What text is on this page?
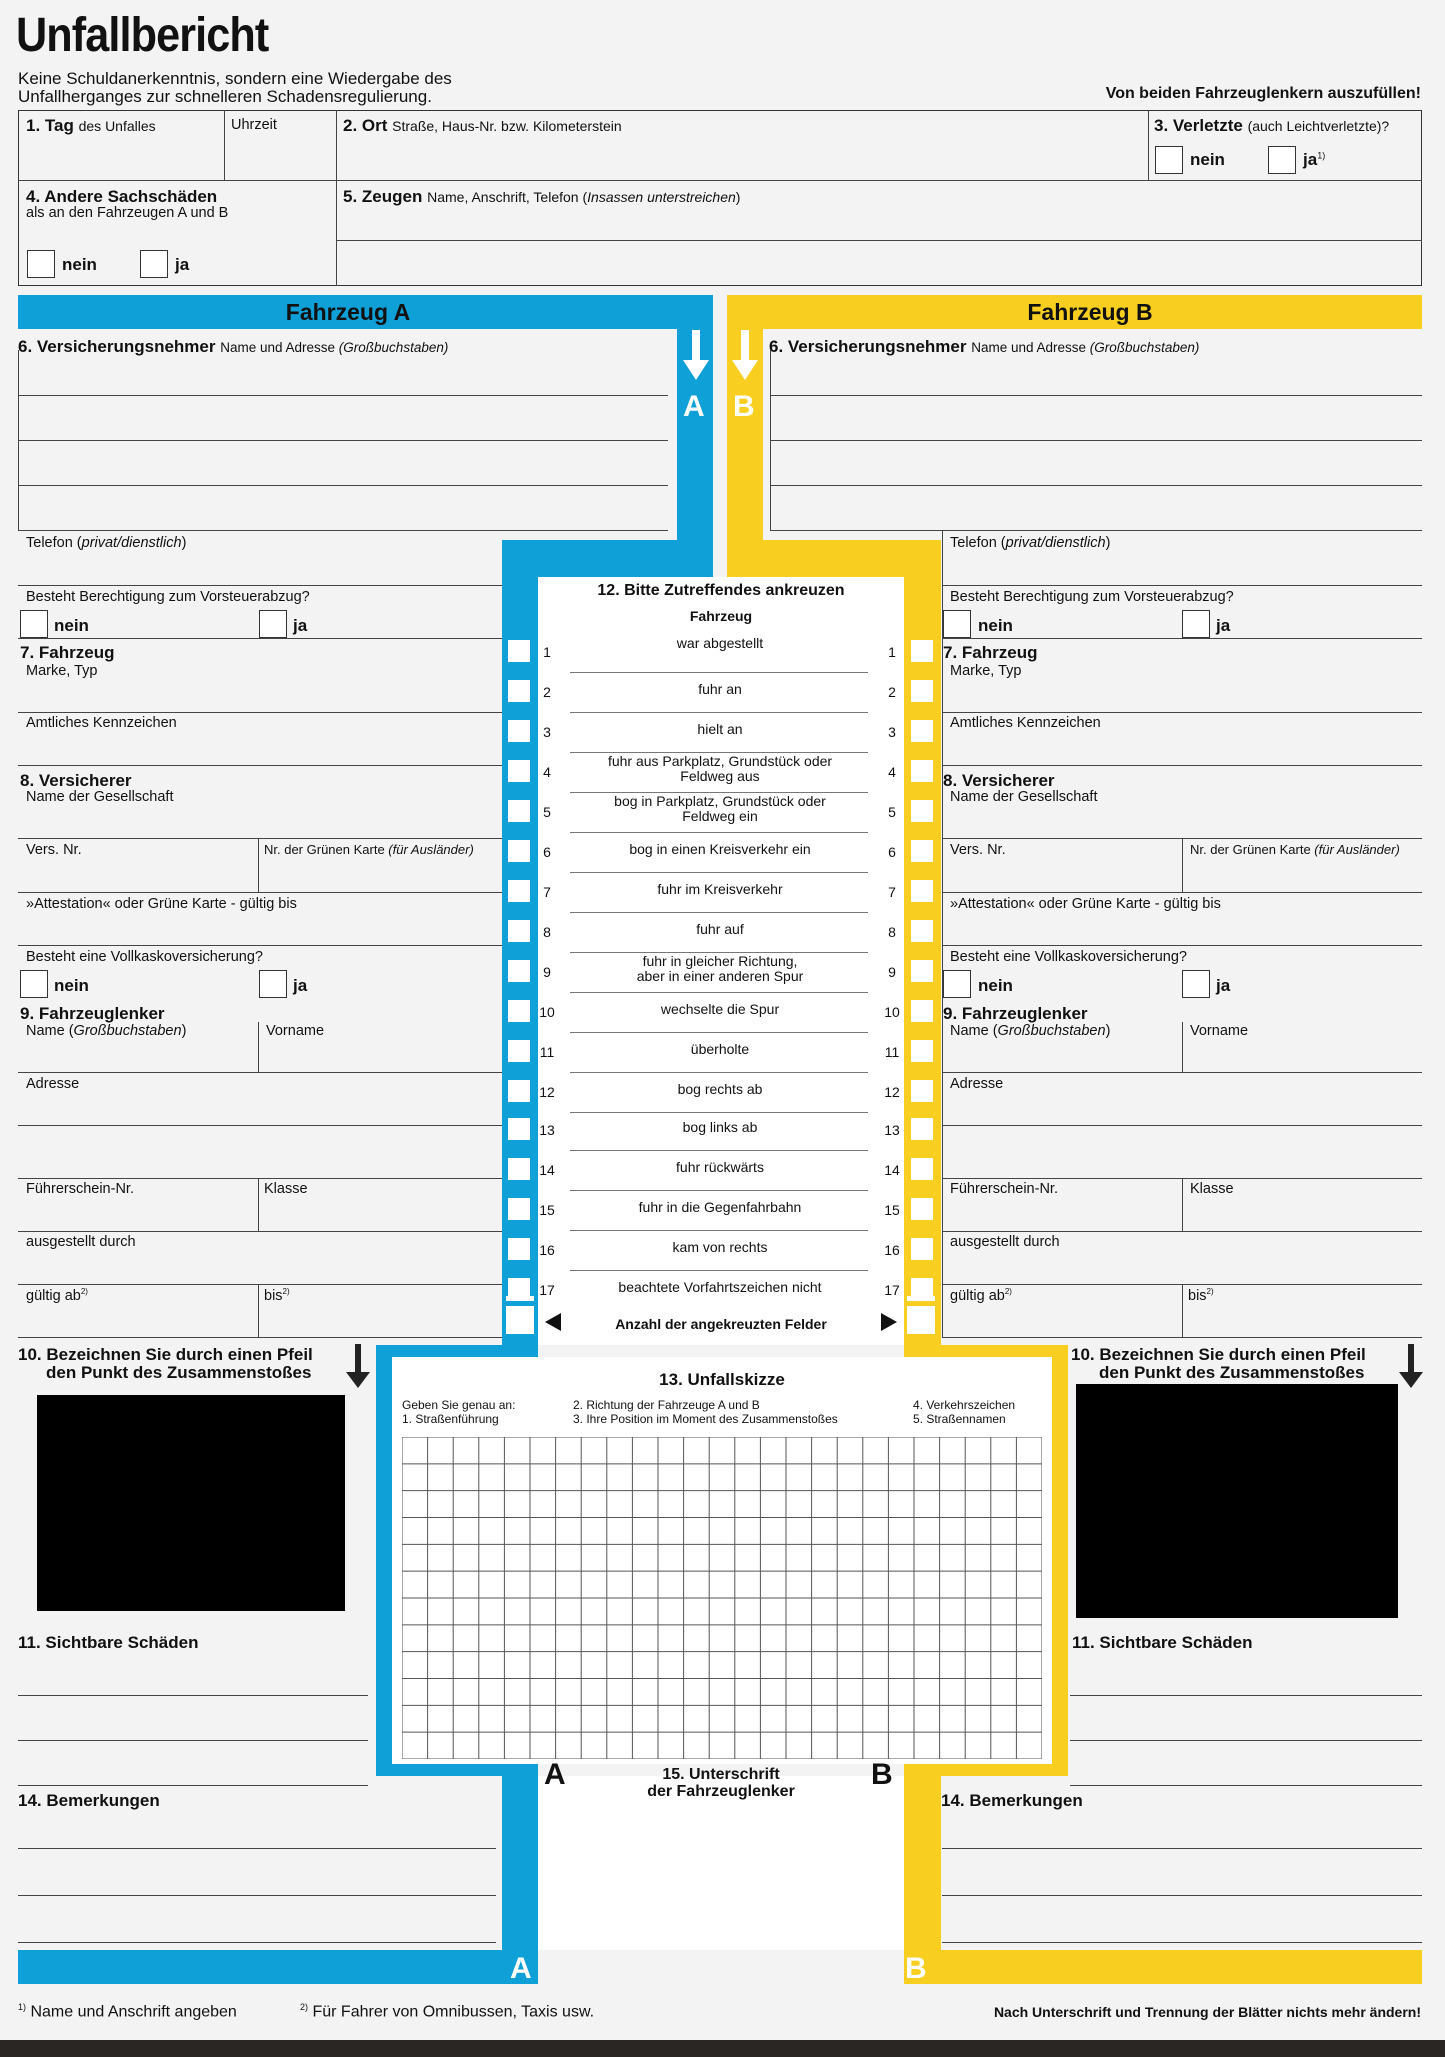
Unfallbericht
Keine Schuldanerkenntnis, sondern eine Wiedergabe des
Unfallherganges zur schnelleren Schadensregulierung.	Von beiden Fahrzeuglenkern auszufüllen!
1. Tag des Unfalles	Uhrzeit	2. Ort Straße, Haus-Nr. bzw. Kilometerstein	3. Verletzte (auch Leichtverletzte)?
nein	$ja^{1)}$
4. Andere Sachschäden
als an den Fahrzeugen A und B
nein	ja
5. Zeugen Name, Anschrift, Telefon (Insassen unterstreichen)
Fahrzeug A	Fahrzeug B
A B
A	B
6. Versicherungsnehmer Name und Adresse (Großbuchstaben)
Telefon (privat/dienstlich)
Besteht Berechtigung zum Vorsteuerabzug?
nein	ja
7. Fahrzeug
Marke, Typ
Amtliches Kennzeichen
8. Versicherer
Name der Gesellschaft
Vers. Nr.	Nr. der Grünen Karte (für Ausländer)
»Attestation« oder Grüne Karte - gültig bis
Besteht eine Vollkaskoversicherung?
nein	ja
9. Fahrzeuglenker
Name (Großbuchstaben)	Vorname
Adresse
Führerschein-Nr.	Klasse
ausgestellt durch
gültig $ab^{2)}$	bis$^{2)}$
10. Bezeichnen Sie durch einen Pfeil
den Punkt des Zusammenstoßes
11. Sichtbare Schäden
14. Bemerkungen
6. Versicherungsnehmer Name und Adresse (Großbuchstaben)
Telefon (privat/dienstlich)
Besteht Berechtigung zum Vorsteuerabzug?
nein	ja
7. Fahrzeug
Marke, Typ
Amtliches Kennzeichen
8. Versicherer
Name der Gesellschaft
Vers. Nr.	Nr. der Grünen Karte (für Ausländer)
»Attestation« oder Grüne Karte - gültig bis
Besteht eine Vollkaskoversicherung?
nein	ja
9. Fahrzeuglenker
Name (Großbuchstaben)	Vorname
Adresse
Führerschein-Nr.	Klasse
ausgestellt durch
gültig $ab^{2)}$	bis$^{2)}$
10. Bezeichnen Sie durch einen Pfeil
den Punkt des Zusammenstoßes
11. Sichtbare Schäden
14. Bemerkungen
12. Bitte Zutreffendes ankreuzen
Fahrzeug
1	1
war abgestellt
2	2
fuhr an
3	3
hielt an
4	4
fuhr aus Parkplatz, Grundstück oder
Feldweg aus
5	5
bog in Parkplatz, Grundstück oder
Feldweg ein
6	6
bog in einen Kreisverkehr ein
7	7
fuhr im Kreisverkehr
8	8
fuhr auf
9	9
fuhr in gleicher Richtung,
aber in einer anderen Spur
10	10
wechselte die Spur
11	11
überholte
12	12
bog rechts ab
13	13
bog links ab
14	14
fuhr rückwärts
15	15
fuhr in die Gegenfahrbahn
16	16
kam von rechts
17	17
beachtete Vorfahrtszeichen nicht
Anzahl der angekreuzten Felder
13. Unfallskizze
Geben Sie genau an:
1. Straßenführung
2. Richtung der Fahrzeuge A und B
3. Ihre Position im Moment des Zusammenstoßes
4. Verkehrszeichen
5. Straßennamen
A	B
15. Unterschrift
der Fahrzeuglenker
$^{1)}$ Name und Anschrift angeben	$^{2)}$ Für Fahrer von Omnibussen, Taxis usw.	Nach Unterschrift und Trennung der Blätter nichts mehr ändern!
